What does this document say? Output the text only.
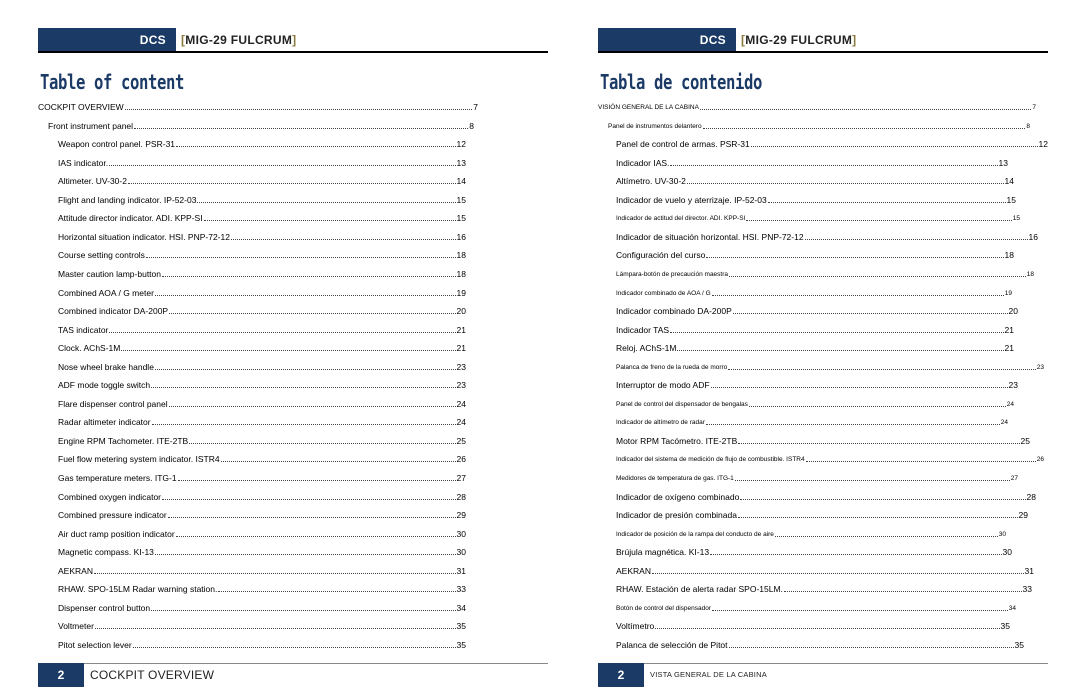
DCS [MIG-29 FULCRUM]
Table of content
COCKPIT OVERVIEW	7
Front instrument panel	8
Weapon control panel. PSR-31	12
IAS indicator.	13
Altimeter. UV-30-2	14
Flight and landing indicator. IP-52-03	15
Attitude director indicator. ADI. KPP-SI	15
Horizontal situation indicator. HSI. PNP-72-12	16
Course setting controls	18
Master caution lamp-button	18
Combined AOA / G meter	19
Combined indicator DA-200P	20
TAS indicator	21
Clock. AChS-1M	21
Nose wheel brake handle	23
ADF mode toggle switch	23
Flare dispenser control panel	24
Radar altimeter indicator	24
Engine RPM Tachometer. ITE-2TB	25
Fuel flow metering system indicator. ISTR4	26
Gas temperature meters. ITG-1	27
Combined oxygen indicator	28
Combined pressure indicator	29
Air duct ramp position indicator	30
Magnetic compass. KI-13	30
AEKRAN	31
RHAW. SPO-15LM Radar warning station.	33
Dispenser control button	34
Voltmeter	35
Pitot selection lever	35
2	COCKPIT OVERVIEW
DCS [MIG-29 FULCRUM]
Tabla de contenido
VISIÓN GENERAL DE LA CABINA	7
Panel de instrumentos delantero	8
Panel de control de armas. PSR-31	12
Indicador IAS.	13
Altímetro. UV-30-2	14
Indicador de vuelo y aterrizaje. IP-52-03	15
Indicador de actitud del director. ADI. KPP-SI	15
Indicador de situación horizontal. HSI. PNP-72-12	16
Configuración del curso	18
Lámpara-botón de precaución maestra	18
Indicador combinado de AOA / G	19
Indicador combinado DA-200P	20
Indicador TAS	21
Reloj. AChS-1M	21
Palanca de freno de la rueda de morro	23
Interruptor de modo ADF	23
Panel de control del dispensador de bengalas	24
Indicador de altímetro de radar	24
Motor RPM Tacómetro. ITE-2TB	25
Indicador del sistema de medición de flujo de combustible. ISTR4	26
Medidores de temperatura de gas. ITG-1	27
Indicador de oxígeno combinado	28
Indicador de presión combinada	29
Indicador de posición de la rampa del conducto de aire	30
Brújula magnética. KI-13	30
AEKRAN	31
RHAW. Estación de alerta radar SPO-15LM.	33
Botón de control del dispensador	34
Voltímetro	35
Palanca de selección de Pitot	35
2	VISTA GENERAL DE LA CABINA
